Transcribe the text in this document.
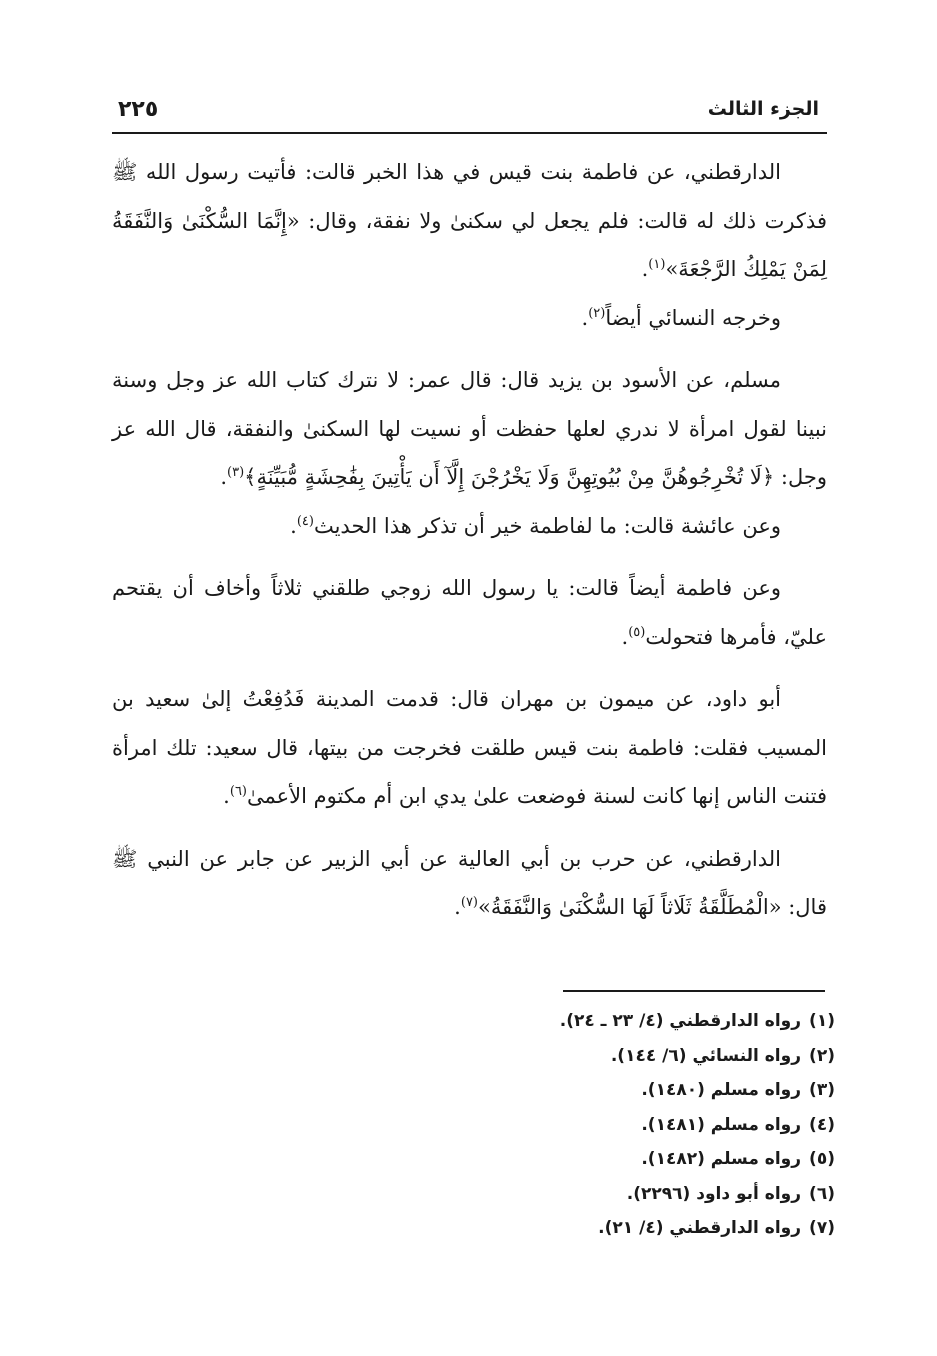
الجزء الثالث
٢٢٥

الدارقطني، عن فاطمة بنت قيس في هذا الخبر قالت: فأتيت رسول الله ﷺ فذكرت ذلك له قالت: فلم يجعل لي سكنىٰ ولا نفقة، وقال: «إِنَّمَا السُّكْنَىٰ وَالنَّفَقَةُ لِمَنْ يَمْلِكُ الرَّجْعَةَ»$^{(١)}$.

وخرجه النسائي أيضاً$^{(٢)}$.

مسلم، عن الأسود بن يزيد قال: قال عمر: لا نترك كتاب الله عز وجل وسنة نبينا لقول امرأة لا ندري لعلها حفظت أو نسيت لها السكنىٰ والنفقة، قال الله عز وجل: ﴿لَا تُخْرِجُوهُنَّ مِنْ بُيُوتِهِنَّ وَلَا يَخْرُجْنَ إِلَّآ أَن يَأْتِينَ بِفَٰحِشَةٍ مُّبَيِّنَةٍ﴾$^{(٣)}$.

وعن عائشة قالت: ما لفاطمة خير أن تذكر هذا الحديث$^{(٤)}$.

وعن فاطمة أيضاً قالت: يا رسول الله زوجي طلقني ثلاثاً وأخاف أن يقتحم عليّ، فأمرها فتحولت$^{(٥)}$.

أبو داود، عن ميمون بن مهران قال: قدمت المدينة فَدُفِعْتُ إلىٰ سعيد بن المسيب فقلت: فاطمة بنت قيس طلقت فخرجت من بيتها، قال سعيد: تلك امرأة فتنت الناس إنها كانت لسنة فوضعت علىٰ يدي ابن أم مكتوم الأعمىٰ$^{(٦)}$.

الدارقطني، عن حرب بن أبي العالية عن أبي الزبير عن جابر عن النبي ﷺ قال: «الْمُطَلَّقَةُ ثَلَاثاً لَهَا السُّكْنَىٰ وَالنَّفَقَةُ»$^{(٧)}$.

(١)رواه الدارقطني (٤/ ٢٣ ـ ٢٤).
(٢)رواه النسائي (٦/ ١٤٤).
(٣)رواه مسلم (١٤٨٠).
(٤)رواه مسلم (١٤٨١).
(٥)رواه مسلم (١٤٨٢).
(٦)رواه أبو داود (٢٢٩٦).
(٧)رواه الدارقطني (٤/ ٢١).
